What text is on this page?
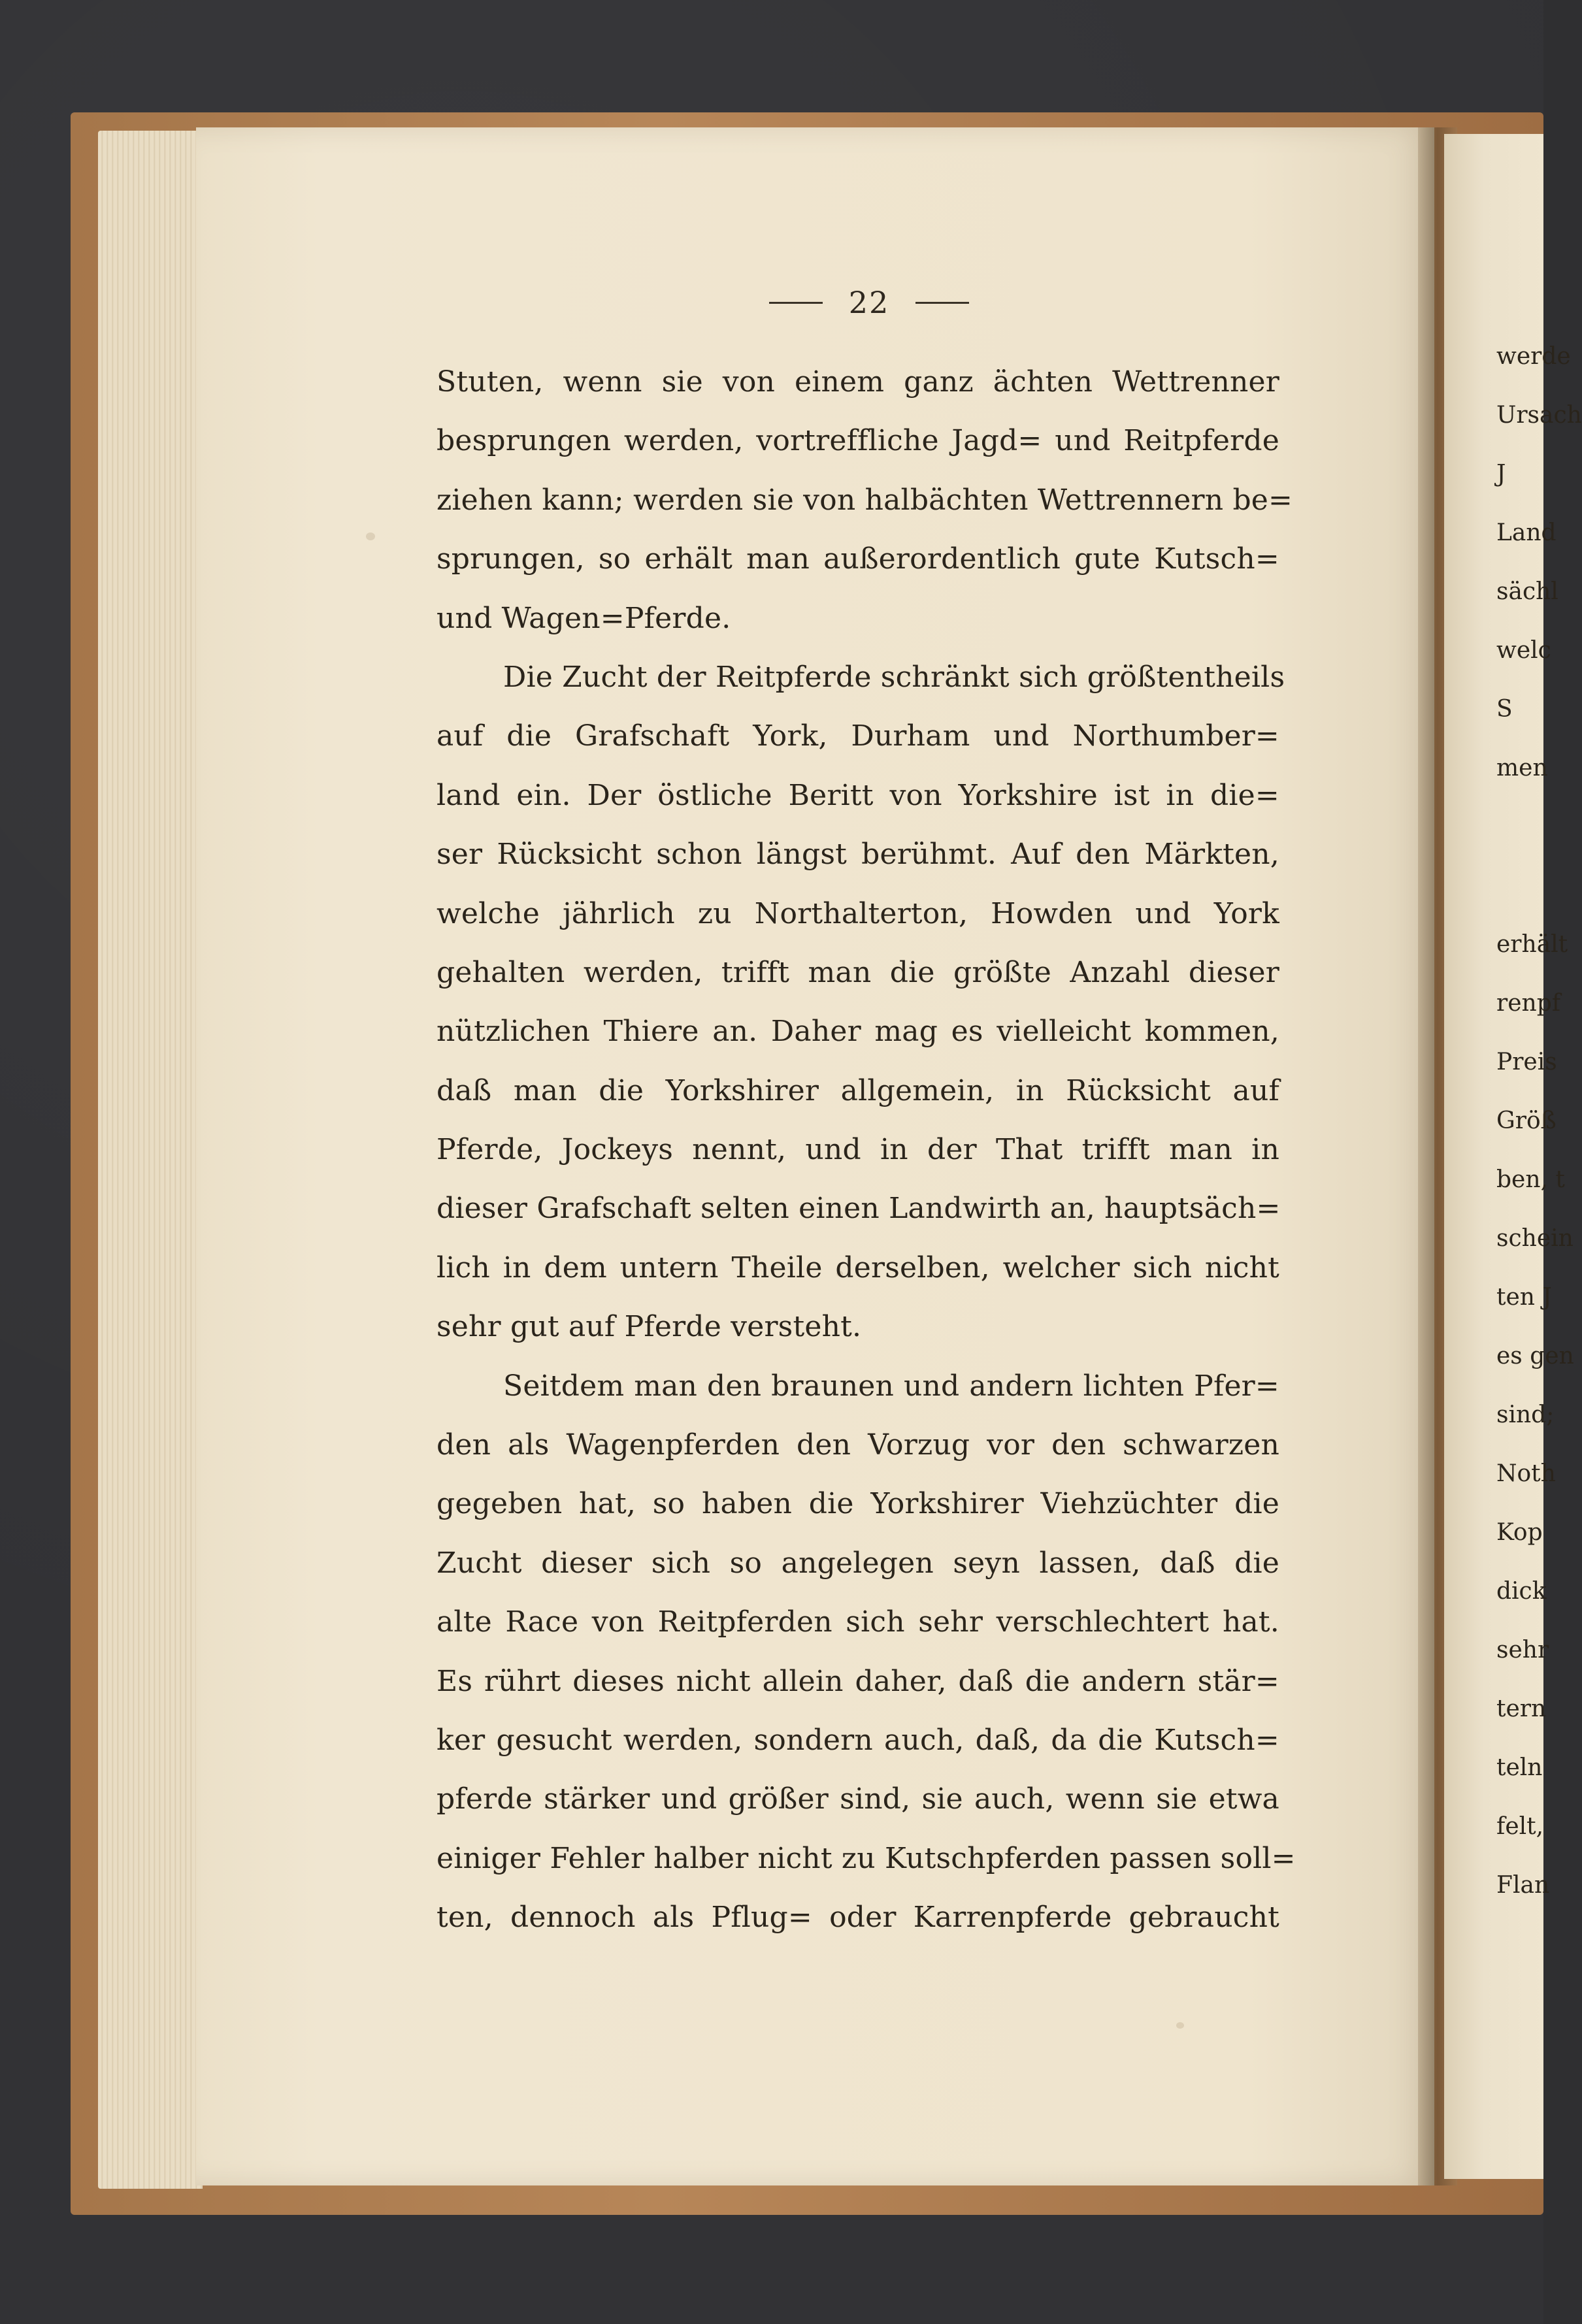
22
Stuten, wenn sie von einem ganz ächten Wettrenner
besprungen werden, vortreffliche Jagd= und Reitpferde
ziehen kann; werden sie von halbächten Wettrennern be=
sprungen, so erhält man außerordentlich gute Kutsch=
und Wagen=Pferde.
Die Zucht der Reitpferde schränkt sich größtentheils
auf die Grafschaft York, Durham und Northumber=
land ein. Der östliche Beritt von Yorkshire ist in die=
ser Rücksicht schon längst berühmt. Auf den Märkten,
welche jährlich zu Northalterton, Howden und York
gehalten werden, trifft man die größte Anzahl dieser
nützlichen Thiere an. Daher mag es vielleicht kommen,
daß man die Yorkshirer allgemein, in Rücksicht auf
Pferde, Jockeys nennt, und in der That trifft man in
dieser Grafschaft selten einen Landwirth an, hauptsäch=
lich in dem untern Theile derselben, welcher sich nicht
sehr gut auf Pferde versteht.
Seitdem man den braunen und andern lichten Pfer=
den als Wagenpferden den Vorzug vor den schwarzen
gegeben hat, so haben die Yorkshirer Viehzüchter die
Zucht dieser sich so angelegen seyn lassen, daß die
alte Race von Reitpferden sich sehr verschlechtert hat.
Es rührt dieses nicht allein daher, daß die andern stär=
ker gesucht werden, sondern auch, daß, da die Kutsch=
pferde stärker und größer sind, sie auch, wenn sie etwa
einiger Fehler halber nicht zu Kutschpferden passen soll=
ten, dennoch als Pflug= oder Karrenpferde gebraucht
werde
Ursach
J
Land
sächl
welc
S
men
erhält
renpf
Preis
Größ
ben, t
schein
ten J
es gen
sind;
Noth
Kop
dick
sehr
tern
teln
felt,
Flan
